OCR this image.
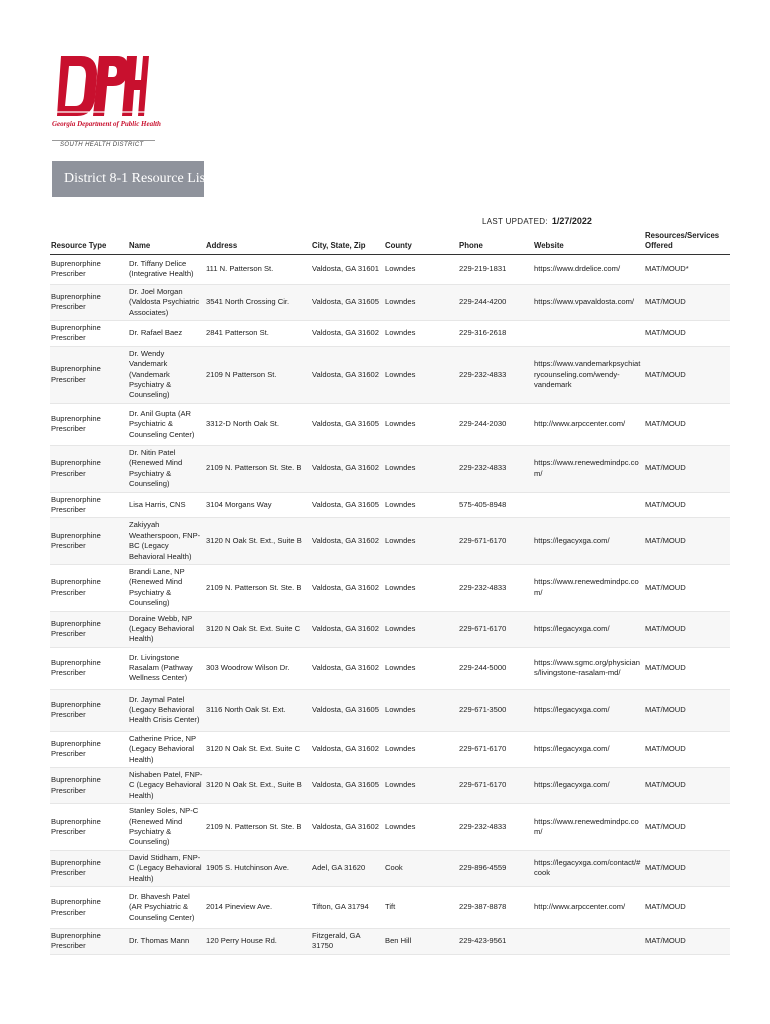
Georgia Department of Public Health
SOUTH HEALTH DISTRICT
District 8-1 Resource List
LAST UPDATED: 1/27/2022
Resource Type	Name	Address	City, State, Zip	County	Phone	Website	Resources/Services Offered
Buprenorphine Prescriber	Dr. Tiffany Delice (Integrative Health)	111 N. Patterson St.	Valdosta, GA 31601	Lowndes	229-219-1831	https://www.drdelice.com/	MAT/MOUD*
Buprenorphine Prescriber	Dr. Joel Morgan (Valdosta Psychiatric Associates)	3541 North Crossing Cir.	Valdosta, GA 31605	Lowndes	229-244-4200	https://www.vpavaldosta.com/	MAT/MOUD
Buprenorphine Prescriber	Dr. Rafael Baez	2841 Patterson St.	Valdosta, GA 31602	Lowndes	229-316-2618		MAT/MOUD
Buprenorphine Prescriber	Dr. Wendy Vandemark (Vandemark Psychiatry & Counseling)	2109 N Patterson St.	Valdosta, GA 31602	Lowndes	229-232-4833	https://www.vandemarkpsychiatrycounseling.com/wendy-vandemark	MAT/MOUD
Buprenorphine Prescriber	Dr. Anil Gupta (AR Psychiatric & Counseling Center)	3312-D North Oak St.	Valdosta, GA 31605	Lowndes	229-244-2030	http://www.arpccenter.com/	MAT/MOUD
Buprenorphine Prescriber	Dr. Nitin Patel (Renewed Mind Psychiatry & Counseling)	2109 N. Patterson St. Ste. B	Valdosta, GA 31602	Lowndes	229-232-4833	https://www.renewedmindpc.com/	MAT/MOUD
Buprenorphine Prescriber	Lisa Harris, CNS	3104 Morgans Way	Valdosta, GA 31605	Lowndes	575-405-8948		MAT/MOUD
Buprenorphine Prescriber	Zakiyyah Weatherspoon, FNP-BC (Legacy Behavioral Health)	3120 N Oak St. Ext., Suite B	Valdosta, GA 31602	Lowndes	229-671-6170	https://legacyxga.com/	MAT/MOUD
Buprenorphine Prescriber	Brandi Lane, NP (Renewed Mind Psychiatry & Counseling)	2109 N. Patterson St. Ste. B	Valdosta, GA 31602	Lowndes	229-232-4833	https://www.renewedmindpc.com/	MAT/MOUD
Buprenorphine Prescriber	Doraine Webb, NP (Legacy Behavioral Health)	3120 N Oak St. Ext. Suite C	Valdosta, GA 31602	Lowndes	229-671-6170	https://legacyxga.com/	MAT/MOUD
Buprenorphine Prescriber	Dr. Livingstone Rasalam (Pathway Wellness Center)	303 Woodrow Wilson Dr.	Valdosta, GA 31602	Lowndes	229-244-5000	https://www.sgmc.org/physicians/livingstone-rasalam-md/	MAT/MOUD
Buprenorphine Prescriber	Dr. Jaymal Patel (Legacy Behavioral Health Crisis Center)	3116 North Oak St. Ext.	Valdosta, GA 31605	Lowndes	229-671-3500	https://legacyxga.com/	MAT/MOUD
Buprenorphine Prescriber	Catherine Price, NP (Legacy Behavioral Health)	3120 N Oak St. Ext. Suite C	Valdosta, GA 31602	Lowndes	229-671-6170	https://legacyxga.com/	MAT/MOUD
Buprenorphine Prescriber	Nishaben Patel, FNP-C (Legacy Behavioral Health)	3120 N Oak St. Ext., Suite B	Valdosta, GA 31605	Lowndes	229-671-6170	https://legacyxga.com/	MAT/MOUD
Buprenorphine Prescriber	Stanley Soles, NP-C (Renewed Mind Psychiatry & Counseling)	2109 N. Patterson St. Ste. B	Valdosta, GA 31602	Lowndes	229-232-4833	https://www.renewedmindpc.com/	MAT/MOUD
Buprenorphine Prescriber	David Stidham, FNP-C (Legacy Behavioral Health)	1905 S. Hutchinson Ave.	Adel, GA 31620	Cook	229-896-4559	https://legacyxga.com/contact/#cook	MAT/MOUD
Buprenorphine Prescriber	Dr. Bhavesh Patel (AR Psychiatric & Counseling Center)	2014 Pineview Ave.	Tifton, GA 31794	Tift	229-387-8878	http://www.arpccenter.com/	MAT/MOUD
Buprenorphine Prescriber	Dr. Thomas Mann	120 Perry House Rd.	Fitzgerald, GA 31750	Ben Hill	229-423-9561		MAT/MOUD
